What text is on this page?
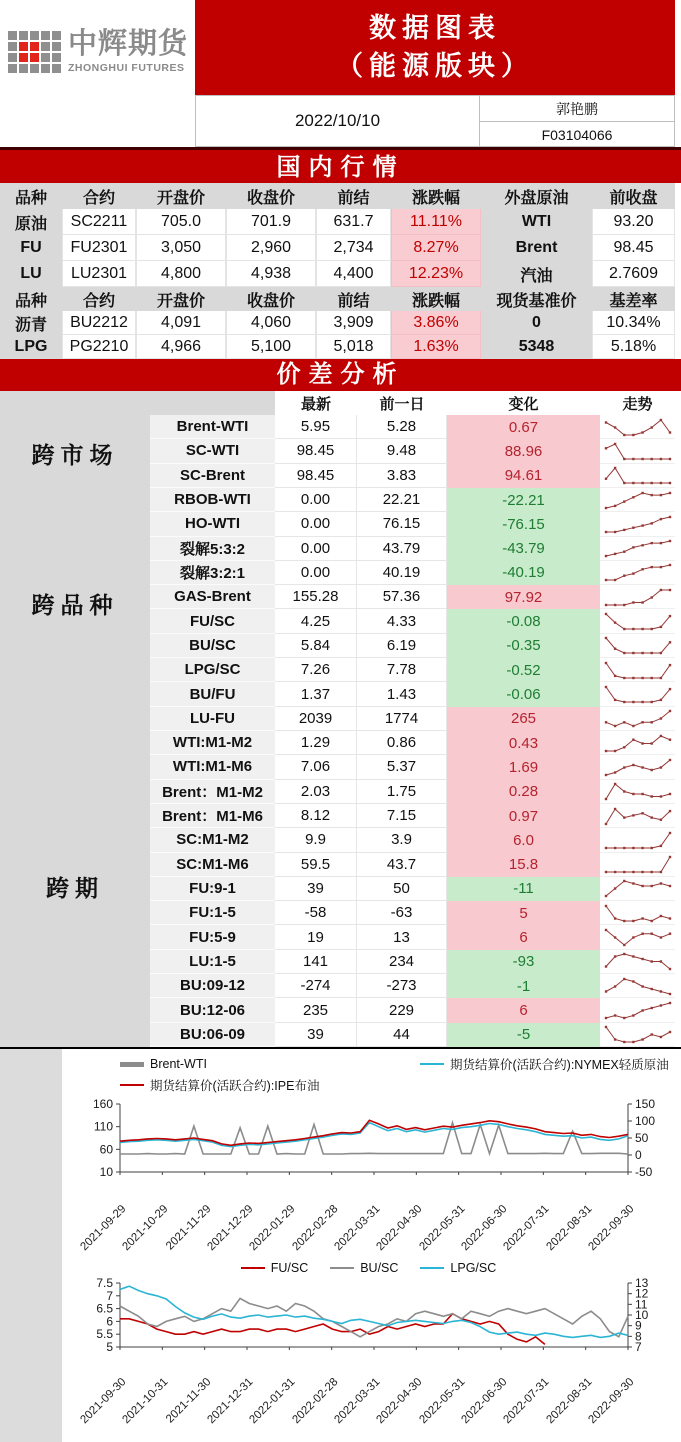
中辉期货
ZHONGHUI FUTURES
数据图表
（能源版块）
2022/10/10
郭艳鹏
F03104066
国内行情
品种	合约	开盘价	收盘价	前结	涨跌幅	外盘原油	前收盘
原油	SC2211	705.0	701.9	631.7	11.11%	WTI	93.20
FU	FU2301	3,050	2,960	2,734	8.27%	Brent	98.45
LU	LU2301	4,800	4,938	4,400	12.23%	汽油	2.7609
品种	合约	开盘价	收盘价	前结	涨跌幅	现货基准价	基差率
沥青	BU2212	4,091	4,060	3,909	3.86%	0	10.34%
LPG	PG2210	4,966	5,100	5,018	1.63%	5348	5.18%
价差分析
最新	前一日	变化	走势
跨市场
跨品种
跨期
Brent-WTI	5.95	5.28	0.67
SC-WTI	98.45	9.48	88.96
SC-Brent	98.45	3.83	94.61
RBOB-WTI	0.00	22.21	-22.21
HO-WTI	0.00	76.15	-76.15
裂解5:3:2	0.00	43.79	-43.79
裂解3:2:1	0.00	40.19	-40.19
GAS-Brent	155.28	57.36	97.92
FU/SC	4.25	4.33	-0.08
BU/SC	5.84	6.19	-0.35
LPG/SC	7.26	7.78	-0.52
BU/FU	1.37	1.43	-0.06
LU-FU	2039	1774	265
WTI:M1-M2	1.29	0.86	0.43
WTI:M1-M6	7.06	5.37	1.69
Brent：M1-M2	2.03	1.75	0.28
Brent：M1-M6	8.12	7.15	0.97
SC:M1-M2	9.9	3.9	6.0
SC:M1-M6	59.5	43.7	15.8
FU:9-1	39	50	-11
FU:1-5	-58	-63	5
FU:5-9	19	13	6
LU:1-5	141	234	-93
BU:09-12	-274	-273	-1
BU:12-06	235	229	6
BU:06-09	39	44	-5
Brent-WTI	期货结算价(活跃合约):NYMEX轻质原油
期货结算价(活跃合约):IPE布油
160
110
60
10
150
100
50
0
-50
2021-09-29
2021-10-29
2021-11-29
2021-12-29
2022-01-29
2022-02-28
2022-03-31
2022-04-30
2022-05-31
2022-06-30
2022-07-31
2022-08-31
2022-09-30
FU/SC	BU/SC	LPG/SC
7.5
7
6.5
6
5.5
5
13
12
11
10
9
8
7
2021-09-30
2021-10-31
2021-11-30
2021-12-31
2022-01-31
2022-02-28
2022-03-31
2022-04-30
2022-05-31
2022-06-30
2022-07-31
2022-08-31
2022-09-30
